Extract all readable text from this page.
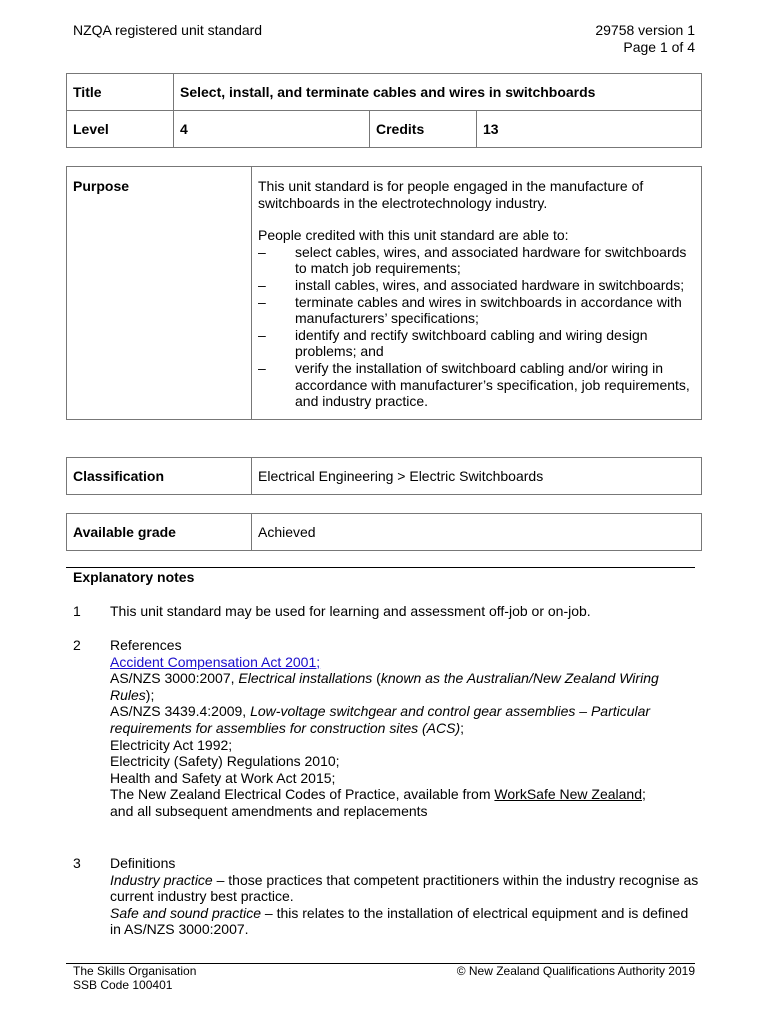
NZQA registered unit standard	29758 version 1
Page 1 of 4
Title	Select, install, and terminate cables and wires in switchboards		
Level	4	Credits	13
Purpose	This unit standard is for people engaged in the manufacture of switchboards in the electrotechnology industry.
People credited with this unit standard are able to:
– select cables, wires, and associated hardware for switchboards to match job requirements;
– install cables, wires, and associated hardware in switchboards;
– terminate cables and wires in switchboards in accordance with manufacturers’ specifications;
– identify and rectify switchboard cabling and wiring design problems; and
– verify the installation of switchboard cabling and/or wiring in accordance with manufacturer’s specification, job requirements, and industry practice.
Classification	Electrical Engineering > Electric Switchboards
Available grade	Achieved
Explanatory notes
1 This unit standard may be used for learning and assessment off-job or on-job.
2 References
Accident Compensation Act 2001;
AS/NZS 3000:2007, Electrical installations (known as the Australian/New Zealand Wiring Rules);
AS/NZS 3439.4:2009, Low-voltage switchgear and control gear assemblies – Particular requirements for assemblies for construction sites (ACS);
Electricity Act 1992;
Electricity (Safety) Regulations 2010;
Health and Safety at Work Act 2015;
The New Zealand Electrical Codes of Practice, available from WorkSafe New Zealand;
and all subsequent amendments and replacements
3 Definitions
Industry practice – those practices that competent practitioners within the industry recognise as current industry best practice.
Safe and sound practice – this relates to the installation of electrical equipment and is defined in AS/NZS 3000:2007.
The Skills Organisation
SSB Code 100401
© New Zealand Qualifications Authority 2019
